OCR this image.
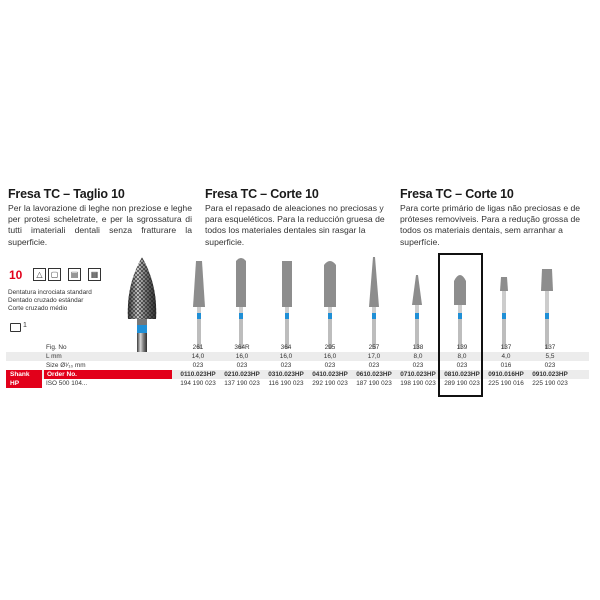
Fresa TC – Taglio 10
Per la lavorazione di leghe non preziose e leghe per protesi scheletrate, e per la sgrossatura di tutti imateriali dentali senza fratturare la superficie.
Fresa TC – Corte 10
Para el repasado de aleaciones no preciosas y para esqueléticos. Para la reducción gruesa de todos los materiales dentales sin rasgar la superficie.
Fresa TC – Corte 10
Para corte primário de ligas não preciosas e de próteses removiveis. Para a redução grossa de todos os materiais dentais, sem arranhar a superfície.
10	△	▢	▤	▦
Dentatura incrociata standard
Dentado cruzado estándar
Corte cruzado médio
1
Fig. No	261	364R	364	295	257	138	139	137	137
L mm	14,0	16,0	16,0	16,0	17,0	8,0	8,0	4,0	5,5
Size Ø¹⁄₁₀ mm	023	023	023	023	023	023	023	016	023
Shank	Order No.	0110.023HP	0210.023HP	0310.023HP	0410.023HP	0610.023HP	0710.023HP	0810.023HP	0910.016HP	0910.023HP
HP	ISO 500 104...	194 190 023	137 190 023	116 190 023	292 190 023	187 190 023	198 190 023	289 190 023	225 190 016	225 190 023
